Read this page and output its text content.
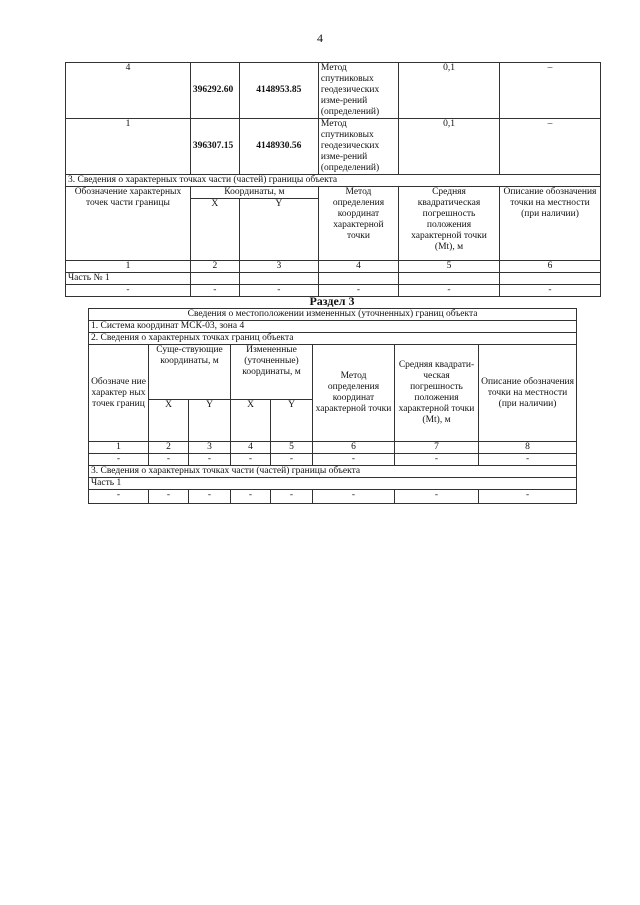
4
4	396292.60	4148953.85	Метод спутниковых геодезических изме-рений (определений)	0,1	–
1	396307.15	4148930.56	Метод спутниковых геодезических изме-рений (определений)	0,1	–
3. Сведения о характерных точках части (частей) границы объекта					
Обозначение характерных точек части границы	Координаты, м		Метод определения координат характерной точки	Средняя квадратическая погрешность положения характерной точки (Mt), м	Описание обозначения точки на местности (при наличии)
	X	Y			
1	2	3	4	5	6
Часть № 1					
-	-	-	-	-	-
Раздел 3
Сведения о местоположении измененных (уточненных) границ объекта							
1. Система координат МСК-03, зона 4							
2. Сведения о характерных точках границ объекта							
Обозначе ние характер ных точек границ	Суще-ствующие координаты, м		Измененные (уточненные) координаты, м		Метод определения координат характерной точки	Средняя квадрати-ческая погрешность положения характерной точки (Mt), м	Описание обозначения точки на местности (при наличии)
	X	Y	X	Y			
1	2	3	4	5	6	7	8
-	-	-	-	-	-	-	-
3. Сведения о характерных точках части (частей) границы объекта							
Часть 1							
-	-	-	-	-	-	-	-
